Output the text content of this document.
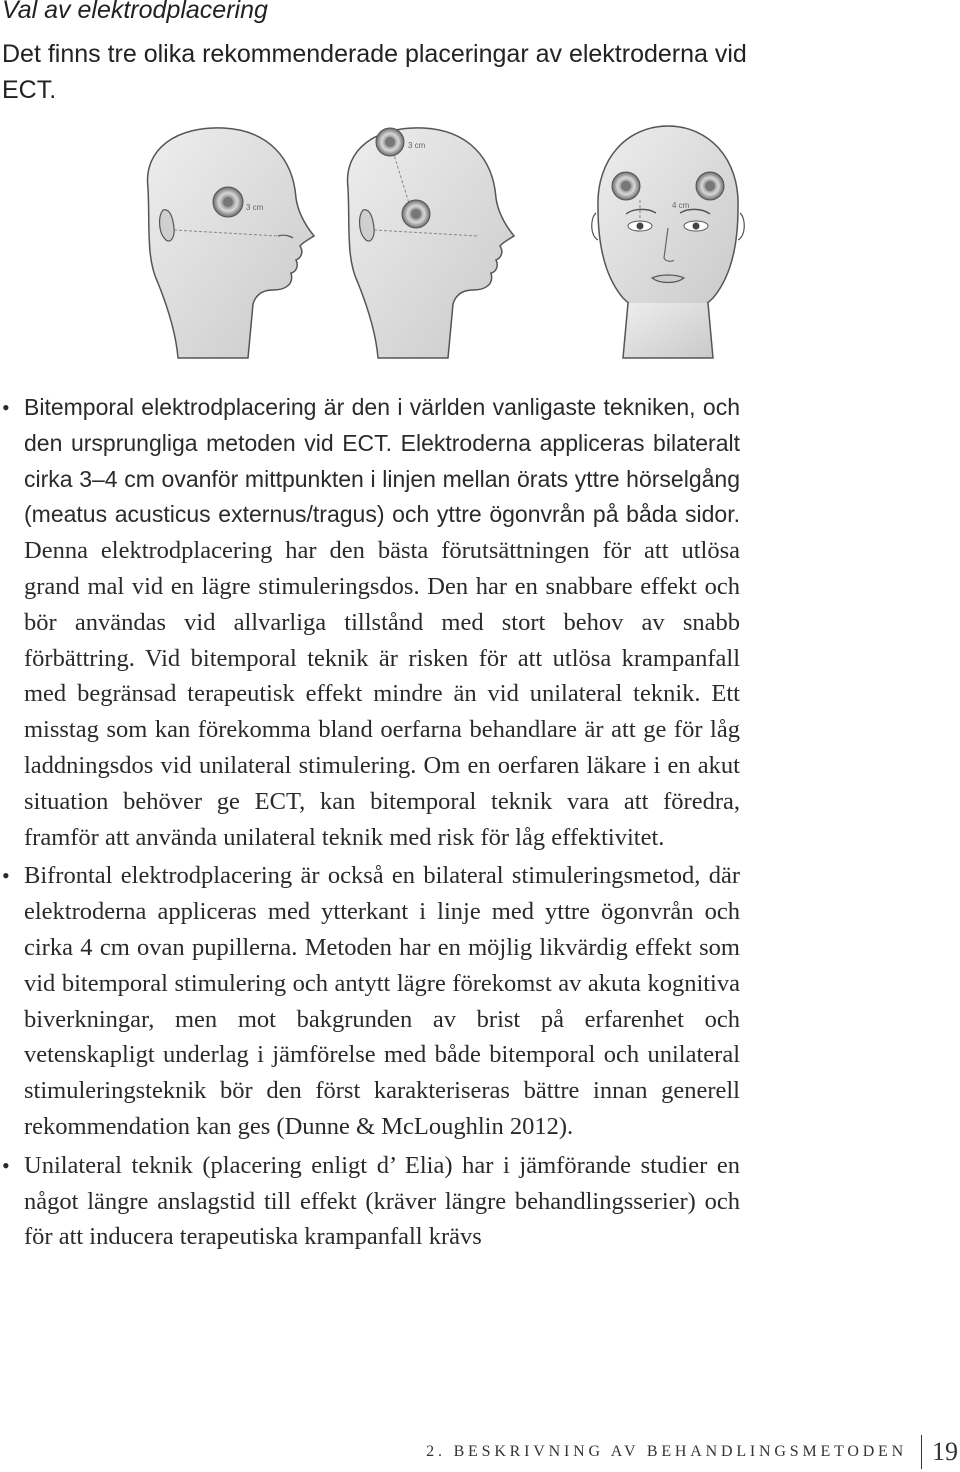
Val av elektrodplacering
Det finns tre olika rekommenderade placeringar av elektroderna vid ECT.
3 cm
3 cm
4 cm
• Bitemporal elektrodplacering är den i världen vanligaste tekniken, och den ursprungliga metoden vid ECT. Elektroderna appliceras bilateralt cirka 3–4 cm ovanför mittpunkten i linjen mellan örats yttre hörselgång (meatus acusticus externus/tragus) och yttre ögonvrån på båda sidor. Denna elektrodplacering har den bästa förutsättningen för att utlösa grand mal vid en lägre stimuleringsdos. Den har en snabbare effekt och bör användas vid allvarliga tillstånd med stort behov av snabb förbättring. Vid bitemporal teknik är risken för att utlösa krampanfall med begränsad terapeutisk effekt mindre än vid unilateral teknik. Ett misstag som kan förekomma bland oerfarna behandlare är att ge för låg laddningsdos vid unilateral stimulering. Om en oerfaren läkare i en akut situation behöver ge ECT, kan bitemporal teknik vara att föredra, framför att använda unilateral teknik med risk för låg effektivitet.
• Bifrontal elektrodplacering är också en bilateral stimuleringsmetod, där elektroderna appliceras med ytterkant i linje med yttre ögonvrån och cirka 4 cm ovan pupillerna. Metoden har en möjlig likvärdig effekt som vid bitemporal stimulering och antytt lägre förekomst av akuta kognitiva biverkningar, men mot bakgrunden av brist på erfarenhet och vetenskapligt underlag i jämförelse med både bitemporal och unilateral stimuleringsteknik bör den först karakteriseras bättre innan generell rekommendation kan ges (Dunne & McLoughlin 2012).
• Unilateral teknik (placering enligt d’ Elia) har i jämförande studier en något längre anslagstid till effekt (kräver längre behandlingsserier) och för att inducera terapeutiska krampanfall krävs
2. BESKRIVNING AV BEHANDLINGSMETODEN 19
